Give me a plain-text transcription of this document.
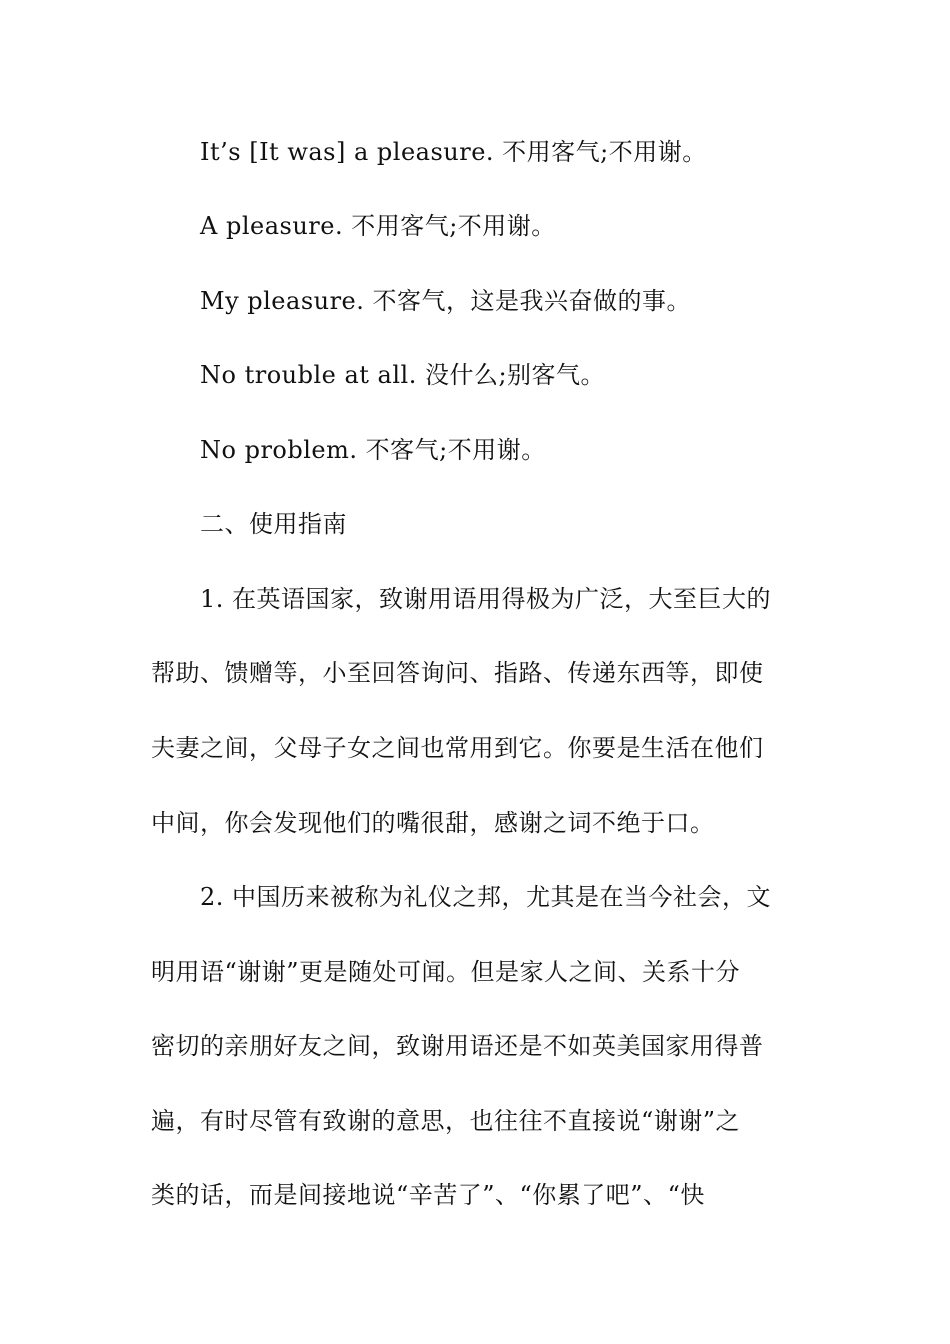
It’s [It was] a pleasure. 不用客气;不用谢。
A pleasure. 不用客气;不用谢。
My pleasure. 不客气，这是我兴奋做的事。
No trouble at all. 没什么;别客气。
No problem. 不客气;不用谢。
二、使用指南
1. 在英语国家，致谢用语用得极为广泛，大至巨大的
帮助、馈赠等，小至回答询问、指路、传递东西等，即使
夫妻之间，父母子女之间也常用到它。你要是生活在他们
中间，你会发现他们的嘴很甜，感谢之词不绝于口。
2. 中国历来被称为礼仪之邦，尤其是在当今社会，文
明用语“谢谢”更是随处可闻。但是家人之间、关系十分
密切的亲朋好友之间，致谢用语还是不如英美国家用得普
遍，有时尽管有致谢的意思，也往往不直接说“谢谢”之
类的话，而是间接地说“辛苦了”、“你累了吧”、“快
